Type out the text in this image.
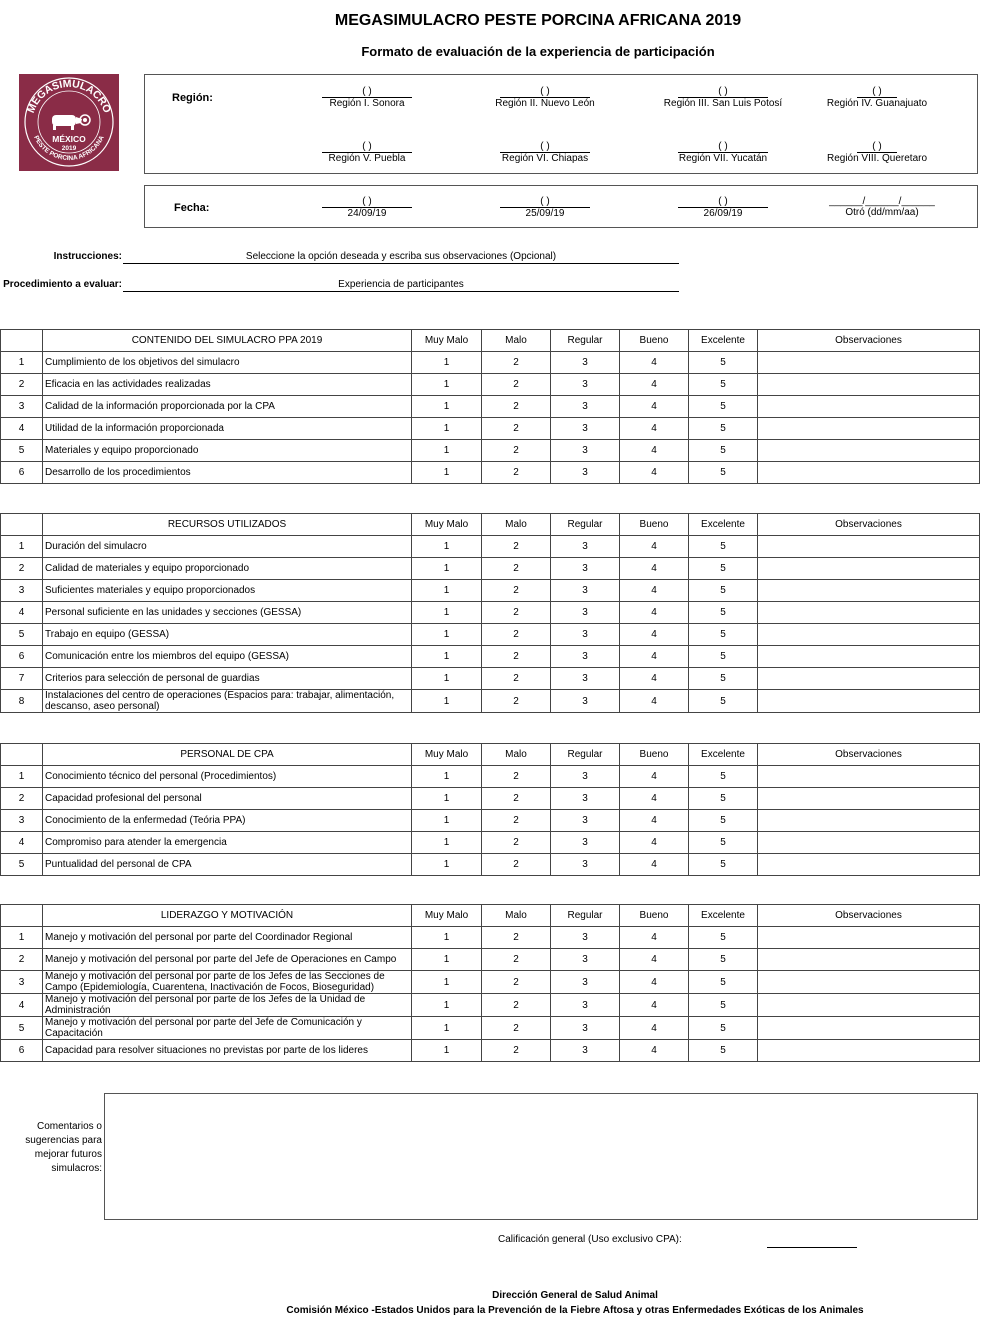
MEGASIMULACRO PESTE PORCINA AFRICANA 2019
Formato de evaluación de la experiencia de participación
MEGASIMULACRO
PESTE PORCINA AFRICANA
MÉXICO
2019
Región:
( )
Región I. Sonora
( )
Región II. Nuevo León
( )
Región III. San Luis Potosí
( )
Región IV. Guanajuato
( )
Región V. Puebla
( )
Región VI. Chiapas
( )
Región VII. Yucatán
( )
Región VIII. Queretaro
Fecha:
( )
24/09/19
( )
25/09/19
( )
26/09/19
______/______/______
Otró (dd/mm/aa)
Instrucciones:	Seleccione la opción deseada y escriba sus observaciones (Opcional)
Procedimiento a evaluar:	Experiencia de participantes
	CONTENIDO DEL SIMULACRO PPA 2019	Muy Malo	Malo	Regular	Bueno	Excelente	Observaciones
1	Cumplimiento de los objetivos del simulacro	1	2	3	4	5	
2	Eficacia en las actividades realizadas	1	2	3	4	5	
3	Calidad de la información proporcionada por la CPA	1	2	3	4	5	
4	Utilidad de la información proporcionada	1	2	3	4	5	
5	Materiales y equipo proporcionado	1	2	3	4	5	
6	Desarrollo de los procedimientos	1	2	3	4	5	
	RECURSOS UTILIZADOS	Muy Malo	Malo	Regular	Bueno	Excelente	Observaciones
1	Duración del simulacro	1	2	3	4	5	
2	Calidad de materiales y equipo proporcionado	1	2	3	4	5	
3	Suficientes materiales y equipo proporcionados	1	2	3	4	5	
4	Personal suficiente en las unidades y secciones (GESSA)	1	2	3	4	5	
5	Trabajo en equipo (GESSA)	1	2	3	4	5	
6	Comunicación entre los miembros del equipo (GESSA)	1	2	3	4	5	
7	Criterios para selección de personal de guardias	1	2	3	4	5	
8	Instalaciones del centro de operaciones (Espacios para: trabajar, alimentación, descanso, aseo personal)	1	2	3	4	5	
	PERSONAL DE CPA	Muy Malo	Malo	Regular	Bueno	Excelente	Observaciones
1	Conocimiento técnico del personal (Procedimientos)	1	2	3	4	5	
2	Capacidad profesional del personal	1	2	3	4	5	
3	Conocimiento de la enfermedad (Teória PPA)	1	2	3	4	5	
4	Compromiso para atender la emergencia	1	2	3	4	5	
5	Puntualidad del personal de CPA	1	2	3	4	5	
	LIDERAZGO Y MOTIVACIÓN	Muy Malo	Malo	Regular	Bueno	Excelente	Observaciones
1	Manejo y motivación del personal por parte del Coordinador Regional	1	2	3	4	5	
2	Manejo y motivación del personal por parte del Jefe de Operaciones en Campo	1	2	3	4	5	
3	Manejo y motivación del personal por parte de los Jefes de las Secciones de Campo (Epidemiología, Cuarentena, Inactivación de Focos, Bioseguridad)	1	2	3	4	5	
4	Manejo y motivación del personal por parte de los Jefes de la Unidad de Administración	1	2	3	4	5	
5	Manejo y motivación del personal por parte del Jefe de Comunicación y Capacitación	1	2	3	4	5	
6	Capacidad para resolver situaciones no previstas por parte de los lideres	1	2	3	4	5	
Comentarios o
sugerencias para
mejorar futuros
simulacros:
Calificación general (Uso exclusivo CPA):
Dirección General de Salud Animal
Comisión México -Estados Unidos para la Prevención de la Fiebre Aftosa y otras Enfermedades Exóticas de los Animales
